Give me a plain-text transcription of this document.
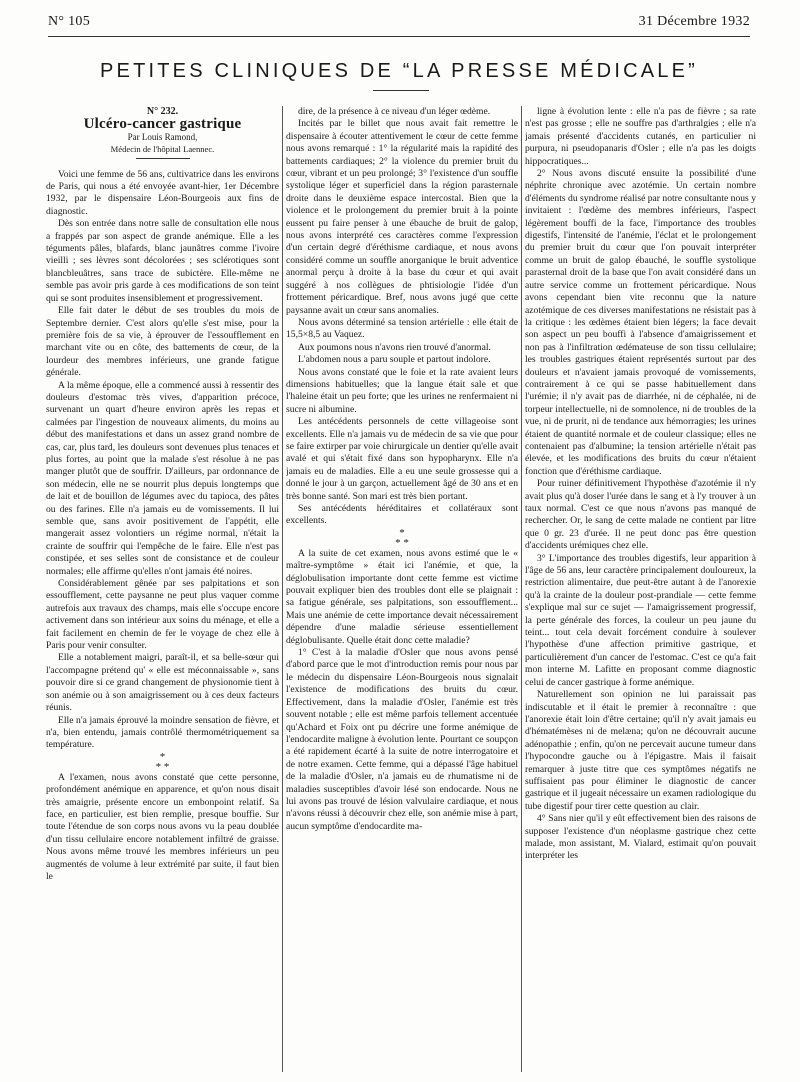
N° 105	31 Décembre 1932
PETITES CLINIQUES DE “LA PRESSE MÉDICALE”

N° 232.

Ulcéro-cancer gastrique

Par Louis Ramond,

Médecin de l'hôpital Laennec.

Voici une femme de 56 ans, cultivatrice dans les environs de Paris, qui nous a été envoyée avant-hier, 1er Décembre 1932, par le dispensaire Léon-Bourgeois aux fins de diagnostic.

Dès son entrée dans notre salle de consultation elle nous a frappés par son aspect de grande anémique. Elle a les téguments pâles, blafards, blanc jaunâtres comme l'ivoire vieilli ; ses lèvres sont décolorées ; ses sclérotiques sont blancbleuâtres, sans trace de subictère. Elle-même ne semble pas avoir pris garde à ces modifications de son teint qui se sont produites insensiblement et progressivement.

Elle fait dater le début de ses troubles du mois de Septembre dernier. C'est alors qu'elle s'est mise, pour la première fois de sa vie, à éprouver de l'essoufflement en marchant vite ou en côte, des battements de cœur, de la lourdeur des membres inférieurs, une grande fatigue générale.

A la même époque, elle a commencé aussi à ressentir des douleurs d'estomac très vives, d'apparition précoce, survenant un quart d'heure environ après les repas et calmées par l'ingestion de nouveaux aliments, du moins au début des manifestations et dans un assez grand nombre de cas, car, plus tard, les douleurs sont devenues plus tenaces et plus fortes, au point que la malade s'est résolue à ne pas manger plutôt que de souffrir. D'ailleurs, par ordonnance de son médecin, elle ne se nourrit plus depuis longtemps que de lait et de bouillon de légumes avec du tapioca, des pâtes ou des farines. Elle n'a jamais eu de vomissements. Il lui semble que, sans avoir positivement de l'appétit, elle mangerait assez volontiers un régime normal, n'était la crainte de souffrir qui l'empêche de le faire. Elle n'est pas constipée, et ses selles sont de consistance et de couleur normales; elle affirme qu'elles n'ont jamais été noires.

Considérablement gênée par ses palpitations et son essoufflement, cette paysanne ne peut plus vaquer comme autrefois aux travaux des champs, mais elle s'occupe encore activement dans son intérieur aux soins du ménage, et elle a fait facilement en chemin de fer le voyage de chez elle à Paris pour venir consulter.

Elle a notablement maigri, paraît-il, et sa belle-sœur qui l'accompagne prétend qu' « elle est méconnaissable », sans pouvoir dire si ce grand changement de physionomie tient à son anémie ou à son amaigrissement ou à ces deux facteurs réunis.

Elle n'a jamais éprouvé la moindre sensation de fièvre, et n'a, bien entendu, jamais contrôlé thermométriquement sa température.

*
* *

A l'examen, nous avons constaté que cette personne, profondément anémique en apparence, et qu'on nous disait très amaigrie, présente encore un embonpoint relatif. Sa face, en particulier, est bien remplie, presque bouffie. Sur toute l'étendue de son corps nous avons vu la peau doublée d'un tissu cellulaire encore notablement infiltré de graisse. Nous avons même trouvé les membres inférieurs un peu augmentés de volume à leur extrémité par suite, il faut bien le

dire, de la présence à ce niveau d'un léger œdème.

Incités par le billet que nous avait fait remettre le dispensaire à écouter attentivement le cœur de cette femme nous avons remarqué : 1° la régularité mais la rapidité des battements cardiaques; 2° la violence du premier bruit du cœur, vibrant et un peu prolongé; 3° l'existence d'un souffle systolique léger et superficiel dans la région parasternale droite dans le deuxième espace intercostal. Bien que la violence et le prolongement du premier bruit à la pointe eussent pu faire penser à une ébauche de bruit de galop, nous avons interprété ces caractères comme l'expression d'un certain degré d'éréthisme cardiaque, et nous avons considéré comme un souffle anorganique le bruit adventice anormal perçu à droite à la base du cœur et qui avait suggéré à nos collègues de phtisiologie l'idée d'un frottement péricardique. Bref, nous avons jugé que cette paysanne avait un cœur sans anomalies.

Nous avons déterminé sa tension artérielle : elle était de 15,5×8,5 au Vaquez.

Aux poumons nous n'avons rien trouvé d'anormal.

L'abdomen nous a paru souple et partout indolore.

Nous avons constaté que le foie et la rate avaient leurs dimensions habituelles; que la langue était sale et que l'haleine était un peu forte; que les urines ne renfermaient ni sucre ni albumine.

Les antécédents personnels de cette villageoise sont excellents. Elle n'a jamais vu de médecin de sa vie que pour se faire extirper par voie chirurgicale un dentier qu'elle avait avalé et qui s'était fixé dans son hypopharynx. Elle n'a jamais eu de maladies. Elle a eu une seule grossesse qui a donné le jour à un garçon, actuellement âgé de 30 ans et en très bonne santé. Son mari est très bien portant.

Ses antécédents héréditaires et collatéraux sont excellents.

*
* *

A la suite de cet examen, nous avons estimé que le « maître-symptôme » était ici l'anémie, et que, la déglobulisation importante dont cette femme est victime pouvait expliquer bien des troubles dont elle se plaignait : sa fatigue générale, ses palpitations, son essoufflement... Mais une anémie de cette importance devait nécessairement dépendre d'une maladie sérieuse essentiellement déglobulisante. Quelle était donc cette maladie?

1° C'est à la maladie d'Osler que nous avons pensé d'abord parce que le mot d'introduction remis pour nous par le médecin du dispensaire Léon-Bourgeois nous signalait l'existence de modifications des bruits du cœur. Effectivement, dans la maladie d'Osler, l'anémie est très souvent notable ; elle est même parfois tellement accentuée qu'Achard et Foix ont pu décrire une forme anémique de l'endocardite maligne à évolution lente. Pourtant ce soupçon a été rapidement écarté à la suite de notre interrogatoire et de notre examen. Cette femme, qui a dépassé l'âge habituel de la maladie d'Osler, n'a jamais eu de rhumatisme ni de maladies susceptibles d'avoir lésé son endocarde. Nous ne lui avons pas trouvé de lésion valvulaire cardiaque, et nous n'avons réussi à découvrir chez elle, son anémie mise à part, aucun symptôme d'endocardite ma-

ligne à évolution lente : elle n'a pas de fièvre ; sa rate n'est pas grosse ; elle ne souffre pas d'arthralgies ; elle n'a jamais présenté d'accidents cutanés, en particulier ni purpura, ni pseudopanaris d'Osler ; elle n'a pas les doigts hippocratiques...

2° Nous avons discuté ensuite la possibilité d'une néphrite chronique avec azotémie. Un certain nombre d'éléments du syndrome réalisé par notre consultante nous y invitaient : l'œdème des membres inférieurs, l'aspect légèrement bouffi de la face, l'importance des troubles digestifs, l'intensité de l'anémie, l'éclat et le prolongement du premier bruit du cœur que l'on pouvait interpréter comme un bruit de galop ébauché, le souffle systolique parasternal droit de la base que l'on avait considéré dans un autre service comme un frottement péricardique. Nous avons cependant bien vite reconnu que la nature azotémique de ces diverses manifestations ne résistait pas à la critique : les œdèmes étaient bien légers; la face devait son aspect un peu bouffi à l'absence d'amaigrissement et non pas à l'infiltration œdémateuse de son tissu cellulaire; les troubles gastriques étaient représentés surtout par des douleurs et n'avaient jamais provoqué de vomissements, contrairement à ce qui se passe habituellement dans l'urémie; il n'y avait pas de diarrhée, ni de céphalée, ni de torpeur intellectuelle, ni de somnolence, ni de troubles de la vue, ni de prurit, ni de tendance aux hémorragies; les urines étaient de quantité normale et de couleur classique; elles ne contenaient pas d'albumine; la tension artérielle n'était pas élevée, et les modifications des bruits du cœur n'étaient fonction que d'éréthisme cardiaque.

Pour ruiner définitivement l'hypothèse d'azotémie il n'y avait plus qu'à doser l'urée dans le sang et à l'y trouver à un taux normal. C'est ce que nous n'avons pas manqué de rechercher. Or, le sang de cette malade ne contient par litre que 0 gr. 23 d'urée. Il ne peut donc pas être question d'accidents urémiques chez elle.

3° L'importance des troubles digestifs, leur apparition à l'âge de 56 ans, leur caractère principalement douloureux, la restriction alimentaire, due peut-être autant à de l'anorexie qu'à la crainte de la douleur post-prandiale — cette femme s'explique mal sur ce sujet — l'amaigrissement progressif, la perte générale des forces, la couleur un peu jaune du teint... tout cela devait forcément conduire à soulever l'hypothèse d'une affection primitive gastrique, et particulièrement d'un cancer de l'estomac. C'est ce qu'a fait mon interne M. Lafitte en proposant comme diagnostic celui de cancer gastrique à forme anémique.

Naturellement son opinion ne lui paraissait pas indiscutable et il était le premier à reconnaître : que l'anorexie était loin d'être certaine; qu'il n'y avait jamais eu d'hématémèses ni de melæna; qu'on ne découvrait aucune adénopathie ; enfin, qu'on ne percevait aucune tumeur dans l'hypocondre gauche ou à l'épigastre. Mais il faisait remarquer à juste titre que ces symptômes négatifs ne suffisaient pas pour éliminer le diagnostic de cancer gastrique et il jugeait nécessaire un examen radiologique du tube digestif pour tirer cette question au clair.

4° Sans nier qu'il y eût effectivement bien des raisons de supposer l'existence d'un néoplasme gastrique chez cette malade, mon assistant, M. Vialard, estimait qu'on pouvait interpréter les
